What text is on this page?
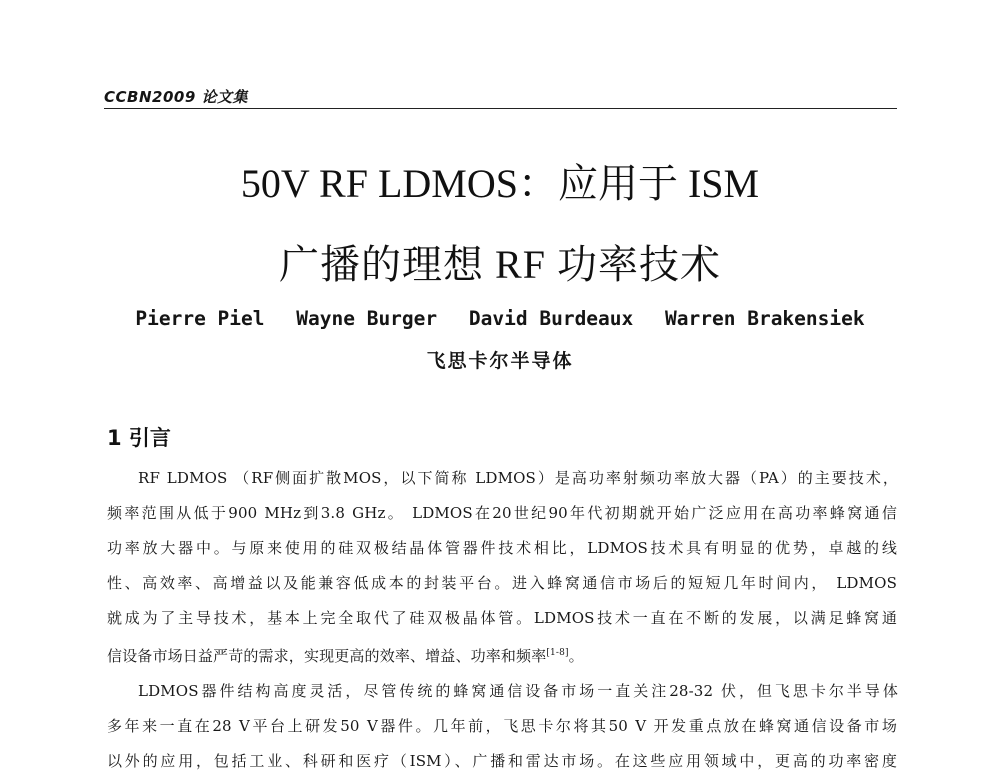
CCBN2009 论文集
50V RF LDMOS：应用于 ISM
广播的理想 RF 功率技术
Pierre Piel Wayne Burger David Burdeaux Warren Brakensiek
飞思卡尔半导体
1 引言
RF LDMOS （RF侧面扩散MOS，以下简称 LDMOS）是高功率射频功率放大器（PA）的主要技术，
频率范围从低于900 MHz到3.8 GHz。 LDMOS在20世纪90年代初期就开始广泛应用在高功率蜂窝通信
功率放大器中。与原来使用的硅双极结晶体管器件技术相比，LDMOS技术具有明显的优势，卓越的线
性、高效率、高增益以及能兼容低成本的封装平台。进入蜂窝通信市场后的短短几年时间内， LDMOS
就成为了主导技术，基本上完全取代了硅双极晶体管。LDMOS技术一直在不断的发展，以满足蜂窝通
信设备市场日益严苛的需求，实现更高的效率、增益、功率和频率[1-8]。
LDMOS器件结构高度灵活，尽管传统的蜂窝通信设备市场一直关注28-32 伏，但飞思卡尔半导体
多年来一直在28 V平台上研发50 V器件。几年前，飞思卡尔将其50 V 开发重点放在蜂窝通信设备市场
以外的应用，包括工业、科研和医疗（ISM）、广播和雷达市场。在这些应用领域中，更高的功率密度
